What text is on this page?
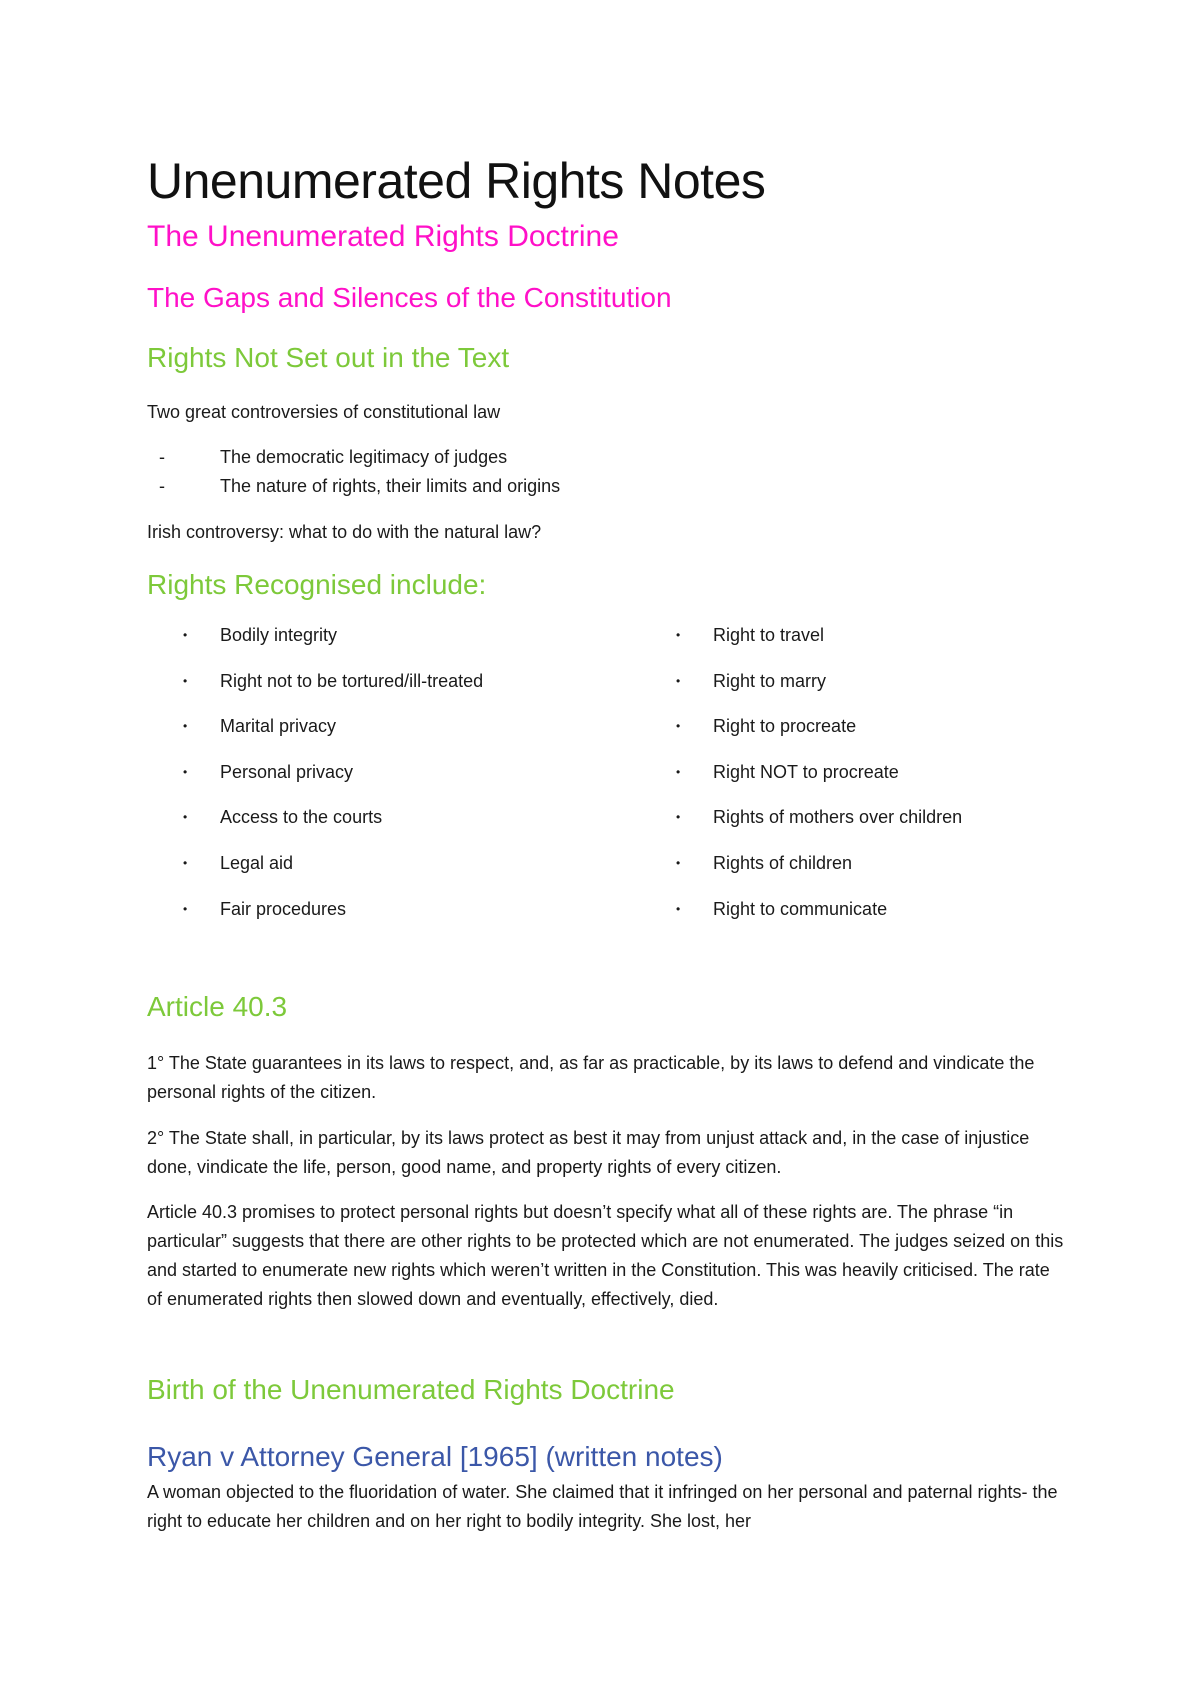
Unenumerated Rights Notes
The Unenumerated Rights Doctrine
The Gaps and Silences of the Constitution
Rights Not Set out in the Text

Two great controversies of constitutional law

-	The democratic legitimacy of judges
-	The nature of rights, their limits and origins

Irish controversy: what to do with the natural law?

Rights Recognised include:
•	Bodily integrity
•	Right not to be tortured/ill-treated
•	Marital privacy
•	Personal privacy
•	Access to the courts
•	Legal aid
•	Fair procedures
•	Right to travel
•	Right to marry
•	Right to procreate
•	Right NOT to procreate
•	Rights of mothers over children
•	Rights of children
•	Right to communicate
Article 40.3

1° The State guarantees in its laws to respect, and, as far as practicable, by its laws to defend and vindicate the personal rights of the citizen.

2° The State shall, in particular, by its laws protect as best it may from unjust attack and, in the case of injustice done, vindicate the life, person, good name, and property rights of every citizen.

Article 40.3 promises to protect personal rights but doesn’t specify what all of these rights are. The phrase “in particular” suggests that there are other rights to be protected which are not enumerated. The judges seized on this and started to enumerate new rights which weren’t written in the Constitution. This was heavily criticised. The rate of enumerated rights then slowed down and eventually, effectively, died.

Birth of the Unenumerated Rights Doctrine
Ryan v Attorney General [1965] (written notes)

A woman objected to the fluoridation of water. She claimed that it infringed on her personal and paternal rights- the right to educate her children and on her right to bodily integrity. She lost, her
